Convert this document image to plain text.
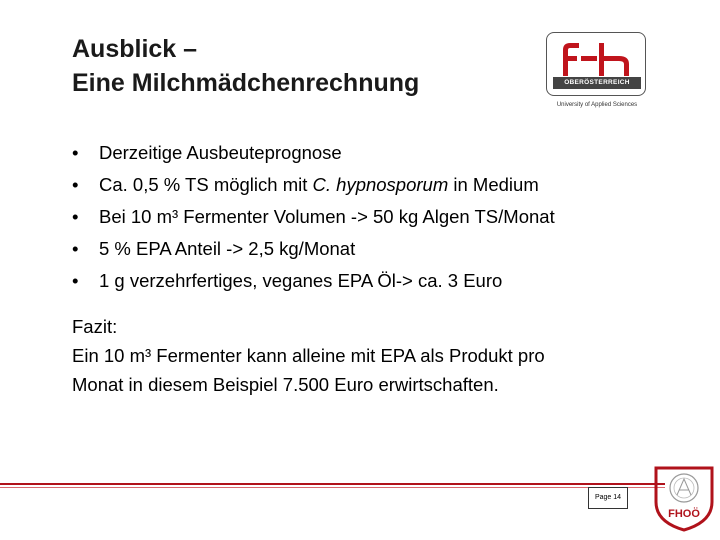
Ausblick –
Eine Milchmädchenrechnung	OBERÖSTERREICH
University of Applied Sciences
• Derzeitige Ausbeuteprognose
• Ca. 0,5 % TS möglich mit C. hypnosporum in Medium
• Bei 10 m³ Fermenter Volumen -> 50 kg Algen TS/Monat
• 5 % EPA Anteil -> 2,5 kg/Monat
• 1 g verzehrfertiges, veganes EPA Öl-> ca. 3 Euro
Fazit:
Ein 10 m³ Fermenter kann alleine mit EPA als Produkt pro
Monat in diesem Beispiel 7.500 Euro erwirtschaften.
Page 14
FHOÖ
